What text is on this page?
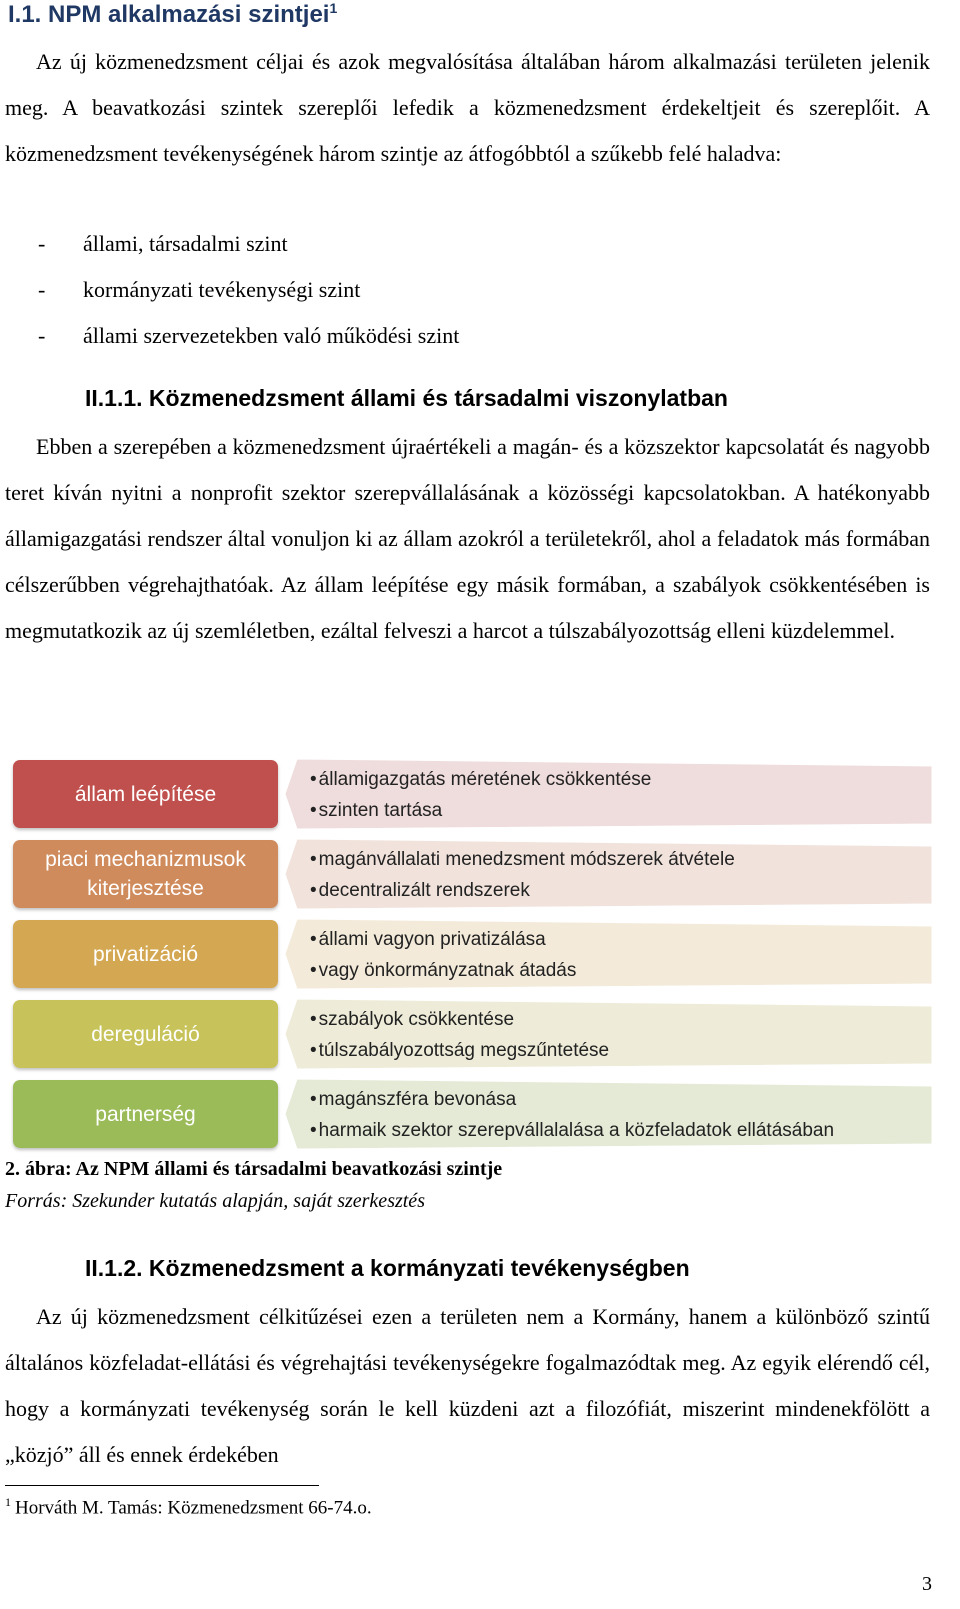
I.1. NPM alkalmazási szintjei$^1$

Az új közmenedzsment céljai és azok megvalósítása általában három alkalmazási területen jelenik meg. A beavatkozási szintek szereplői lefedik a közmenedzsment érdekeltjeit és szereplőit. A közmenedzsment tevékenységének három szintje az átfogóbbtól a szűkebb felé haladva:

-	állami, társadalmi szint
-	kormányzati tevékenységi szint
-	állami szervezetekben való működési szint
II.1.1. Közmenedzsment állami és társadalmi viszonylatban

Ebben a szerepében a közmenedzsment újraértékeli a magán- és a közszektor kapcsolatát és nagyobb teret kíván nyitni a nonprofit szektor szerepvállalásának a közösségi kapcsolatokban. A hatékonyabb államigazgatási rendszer által vonuljon ki az állam azokról a területekről, ahol a feladatok más formában célszerűbben végrehajthatóak. Az állam leépítése egy másik formában, a szabályok csökkentésében is megmutatkozik az új szemléletben, ezáltal felveszi a harcot a túlszabályozottság elleni küzdelemmel.

állam leépítése
• államigazgatás méretének csökkentése
• szinten tartása
piaci mechanizmusok kiterjesztése
• magánvállalati menedzsment módszerek átvétele
• decentralizált rendszerek
privatizáció
• állami vagyon privatizálása
• vagy önkormányzatnak átadás
dereguláció
• szabályok csökkentése
• túlszabályozottság megszűntetése
partnerség
• magánszféra bevonása
• harmaik szektor szerepvállalalása a közfeladatok ellátásában
2. ábra: Az NPM állami és társadalmi beavatkozási szintje
Forrás: Szekunder kutatás alapján, saját szerkesztés
II.1.2. Közmenedzsment a kormányzati tevékenységben

Az új közmenedzsment célkitűzései ezen a területen nem a Kormány, hanem a különböző szintű általános közfeladat-ellátási és végrehajtási tevékenységekre fogalmazódtak meg. Az egyik elérendő cél, hogy a kormányzati tevékenység során le kell küzdeni azt a filozófiát, miszerint mindenekfölött a „közjó” áll és ennek érdekében

$^1$ Horváth M. Tamás: Közmenedzsment 66-74.o.
3
